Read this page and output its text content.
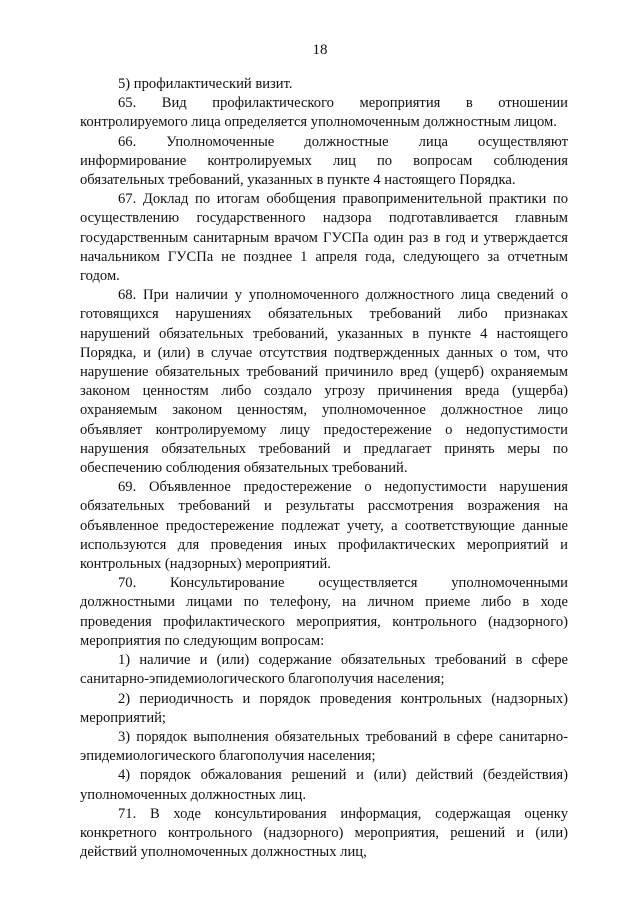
18

5) профилактический визит.

65. Вид профилактического мероприятия в отношении контролируемого лица определяется уполномоченным должностным лицом.

66. Уполномоченные должностные лица осуществляют информирование контролируемых лиц по вопросам соблюдения обязательных требований, указанных в пункте 4 настоящего Порядка.

67. Доклад по итогам обобщения правоприменительной практики по осуществлению государственного надзора подготавливается главным государственным санитарным врачом ГУСПа один раз в год и утверждается начальником ГУСПа не позднее 1 апреля года, следующего за отчетным годом.

68. При наличии у уполномоченного должностного лица сведений о готовящихся нарушениях обязательных требований либо признаках нарушений обязательных требований, указанных в пункте 4 настоящего Порядка, и (или) в случае отсутствия подтвержденных данных о том, что нарушение обязательных требований причинило вред (ущерб) охраняемым законом ценностям либо создало угрозу причинения вреда (ущерба) охраняемым законом ценностям, уполномоченное должностное лицо объявляет контролируемому лицу предостережение о недопустимости нарушения обязательных требований и предлагает принять меры по обеспечению соблюдения обязательных требований.

69. Объявленное предостережение о недопустимости нарушения обязательных требований и результаты рассмотрения возражения на объявленное предостережение подлежат учету, а соответствующие данные используются для проведения иных профилактических мероприятий и контрольных (надзорных) мероприятий.

70. Консультирование осуществляется уполномоченными должностными лицами по телефону, на личном приеме либо в ходе проведения профилактического мероприятия, контрольного (надзорного) мероприятия по следующим вопросам:

1) наличие и (или) содержание обязательных требований в сфере санитарно-эпидемиологического благополучия населения;

2) периодичность и порядок проведения контрольных (надзорных) мероприятий;

3) порядок выполнения обязательных требований в сфере санитарно-эпидемиологического благополучия населения;

4) порядок обжалования решений и (или) действий (бездействия) уполномоченных должностных лиц.

71. В ходе консультирования информация, содержащая оценку конкретного контрольного (надзорного) мероприятия, решений и (или) действий уполномоченных должностных лиц,
